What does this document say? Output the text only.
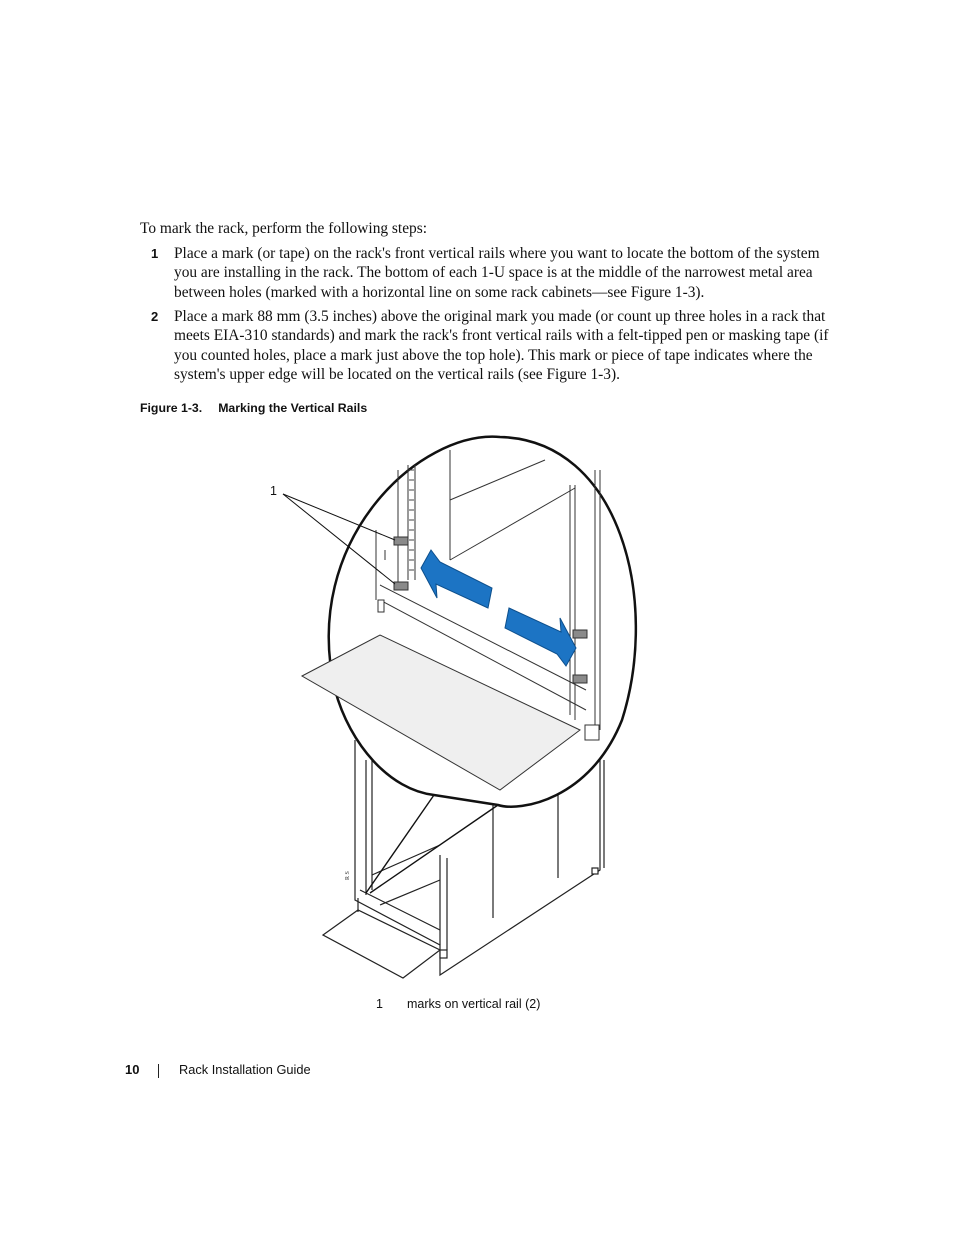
To mark the rack, perform the following steps:
1 Place a mark (or tape) on the rack's front vertical rails where you want to locate the bottom of the system you are installing in the rack. The bottom of each 1-U space is at the middle of the narrowest metal area between holes (marked with a horizontal line on some rack cabinets—see Figure 1-3).
2 Place a mark 88 mm (3.5 inches) above the original mark you made (or count up three holes in a rack that meets EIA-310 standards) and mark the rack's front vertical rails with a felt-tipped pen or masking tape (if you counted holes, place a mark just above the top hole). This mark or piece of tape indicates where the system's upper edge will be located on the vertical rails (see Figure 1-3).
Figure 1-3. Marking the Vertical Rails
R S
1
1 marks on vertical rail (2)
10	Rack Installation Guide
